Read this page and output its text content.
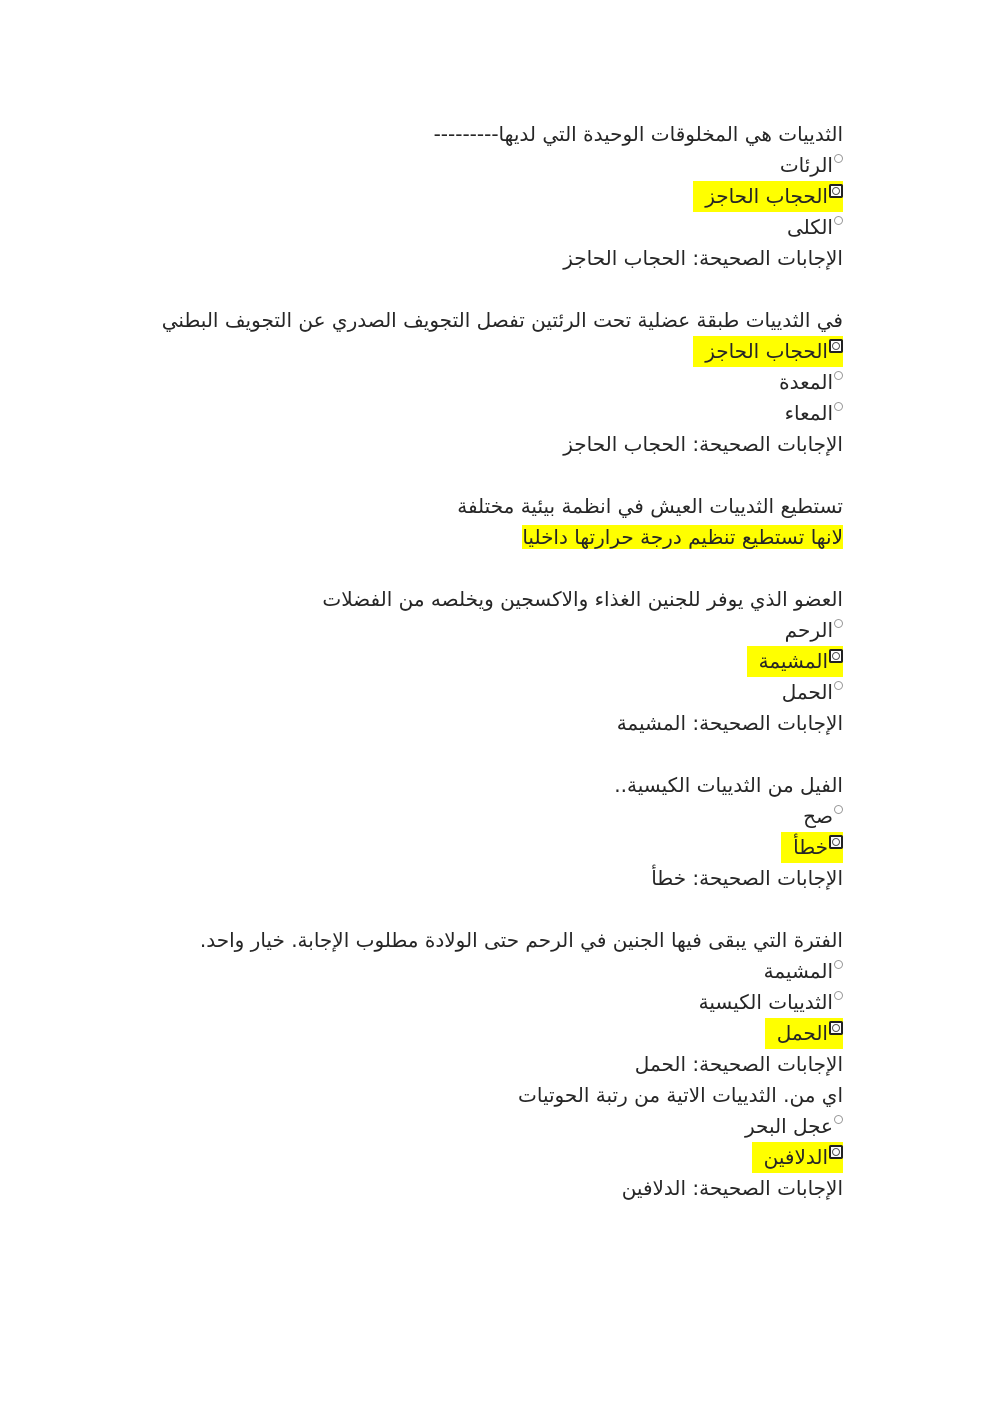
الثدييات هي المخلوقات الوحيدة التي لديها---------
الرئات
الحجاب الحاجز
الكلى
الإجابات الصحيحة: الحجاب الحاجز
في الثدييات طبقة عضلية تحت الرئتين تفصل التجويف الصدري عن التجويف البطني
الحجاب الحاجز
المعدة
المعاء
الإجابات الصحيحة: الحجاب الحاجز
تستطيع الثدييات العيش في انظمة بيئية مختلفة
لانها تستطيع تنظيم درجة حرارتها داخليا
العضو الذي يوفر للجنين الغذاء والاكسجين ويخلصه من الفضلات
الرحم
المشيمة
الحمل
الإجابات الصحيحة: المشيمة
الفيل من الثدييات الكيسية..
صح
خطأ
الإجابات الصحيحة: خطأ
الفترة التي يبقى فيها الجنين في الرحم حتى الولادة مطلوب الإجابة. خيار واحد.
المشيمة
الثدييات الكيسية
الحمل
الإجابات الصحيحة: الحمل
اي من. الثدييات الاتية من رتبة الحوتيات
عجل البحر
الدلافين
الإجابات الصحيحة: الدلافين
